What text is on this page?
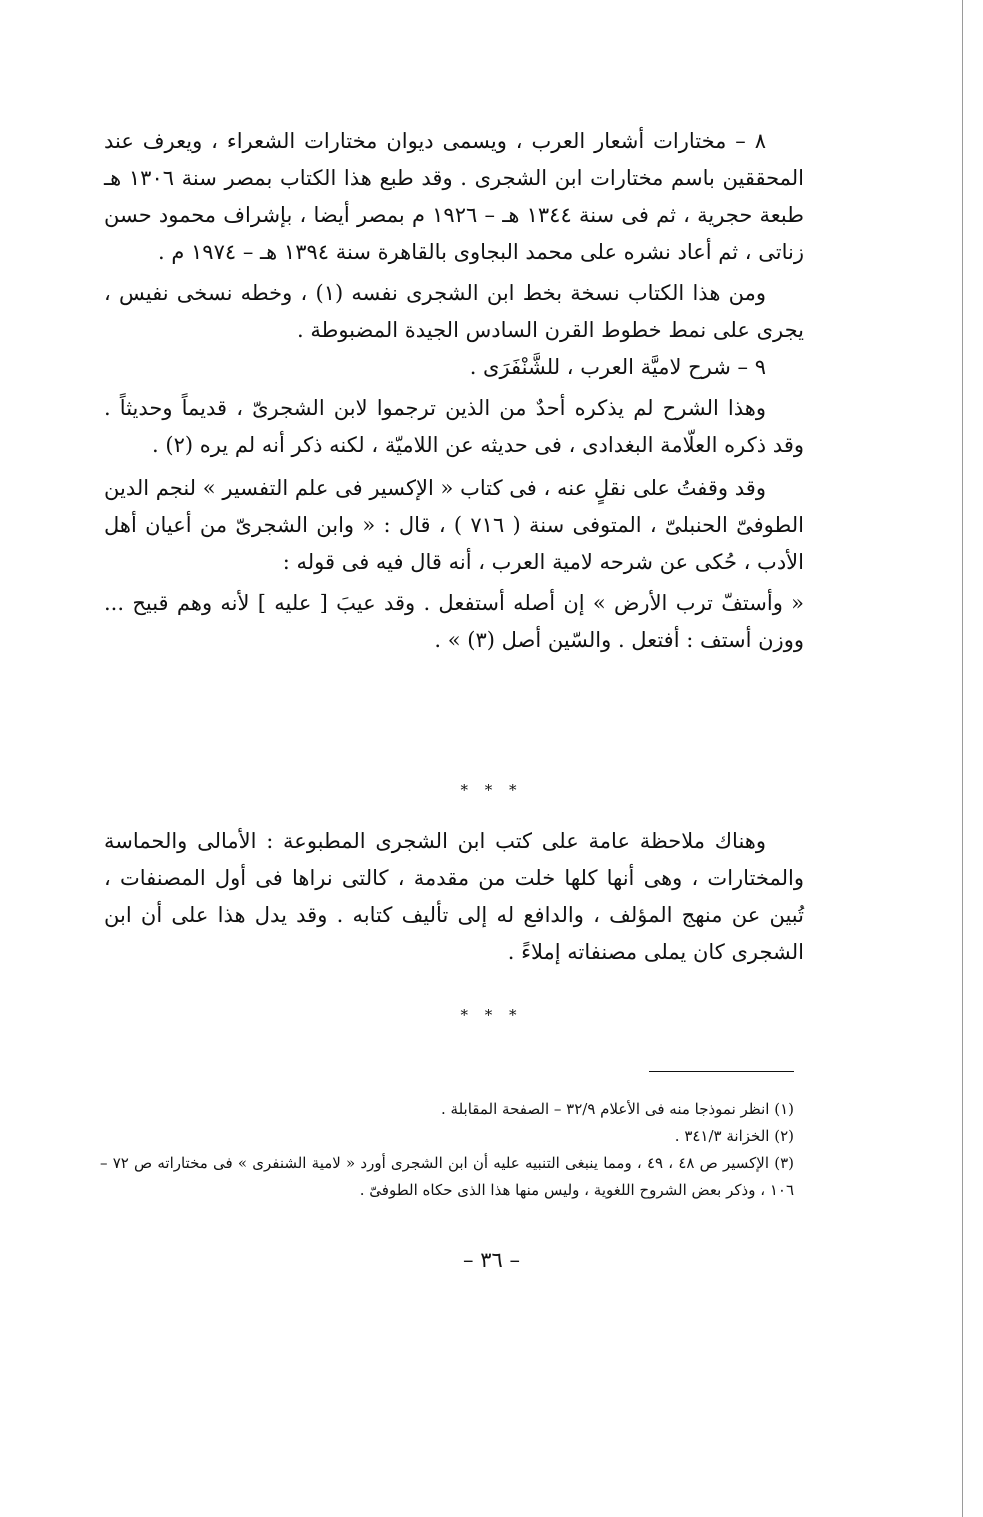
٨ – مختارات أشعار العرب ، ويسمى ديوان مختارات الشعراء ، ويعرف عند المحققين باسم مختارات ابن الشجرى . وقد طبع هذا الكتاب بمصر سنة ١٣٠٦ هـ طبعة حجرية ، ثم فى سنة ١٣٤٤ هـ – ١٩٢٦ م بمصر أيضا ، بإشراف محمود حسن زناتى ، ثم أعاد نشره على محمد البجاوى بالقاهرة سنة ١٣٩٤ هـ – ١٩٧٤ م .

ومن هذا الكتاب نسخة بخط ابن الشجرى نفسه (١) ، وخطه نسخى نفيس ، يجرى على نمط خطوط القرن السادس الجيدة المضبوطة .

٩ – شرح لاميَّة العرب ، للشَّنْفَرَى .

وهذا الشرح لم يذكره أحدٌ من الذين ترجموا لابن الشجرىّ ، قديماً وحديثاً . وقد ذكره العلّامة البغدادى ، فى حديثه عن اللاميّة ، لكنه ذكر أنه لم يره (٢) .

وقد وقفتُ على نقلٍ عنه ، فى كتاب « الإكسير فى علم التفسير » لنجم الدين الطوفىّ الحنبلىّ ، المتوفى سنة ( ٧١٦ ) ، قال : « وابن الشجرىّ من أعيان أهل الأدب ، حُكى عن شرحه لامية العرب ، أنه قال فيه فى قوله :

« وأستفّ ترب الأرض » إن أصله أستفعل . وقد عيبَ [ عليه ] لأنه وهم قبيح ... ووزن أستف : أفتعل . والسّين أصل (٣) » .

* * *

وهناك ملاحظة عامة على كتب ابن الشجرى المطبوعة : الأمالى والحماسة والمختارات ، وهى أنها كلها خلت من مقدمة ، كالتى نراها فى أول المصنفات ، تُبين عن منهج المؤلف ، والدافع له إلى تأليف كتابه . وقد يدل هذا على أن ابن الشجرى كان يملى مصنفاته إملاءً .

* * *

(١) انظر نموذجا منه فى الأعلام ٣٢/٩ – الصفحة المقابلة .

(٢) الخزانة ٣٤١/٣ .

(٣) الإكسير ص ٤٨ ، ٤٩ ، ومما ينبغى التنبيه عليه أن ابن الشجرى أورد « لامية الشنفرى » فى مختاراته ص ٧٢ – ١٠٦ ، وذكر بعض الشروح اللغوية ، وليس منها هذا الذى حكاه الطوفىّ .

– ٣٦ –
